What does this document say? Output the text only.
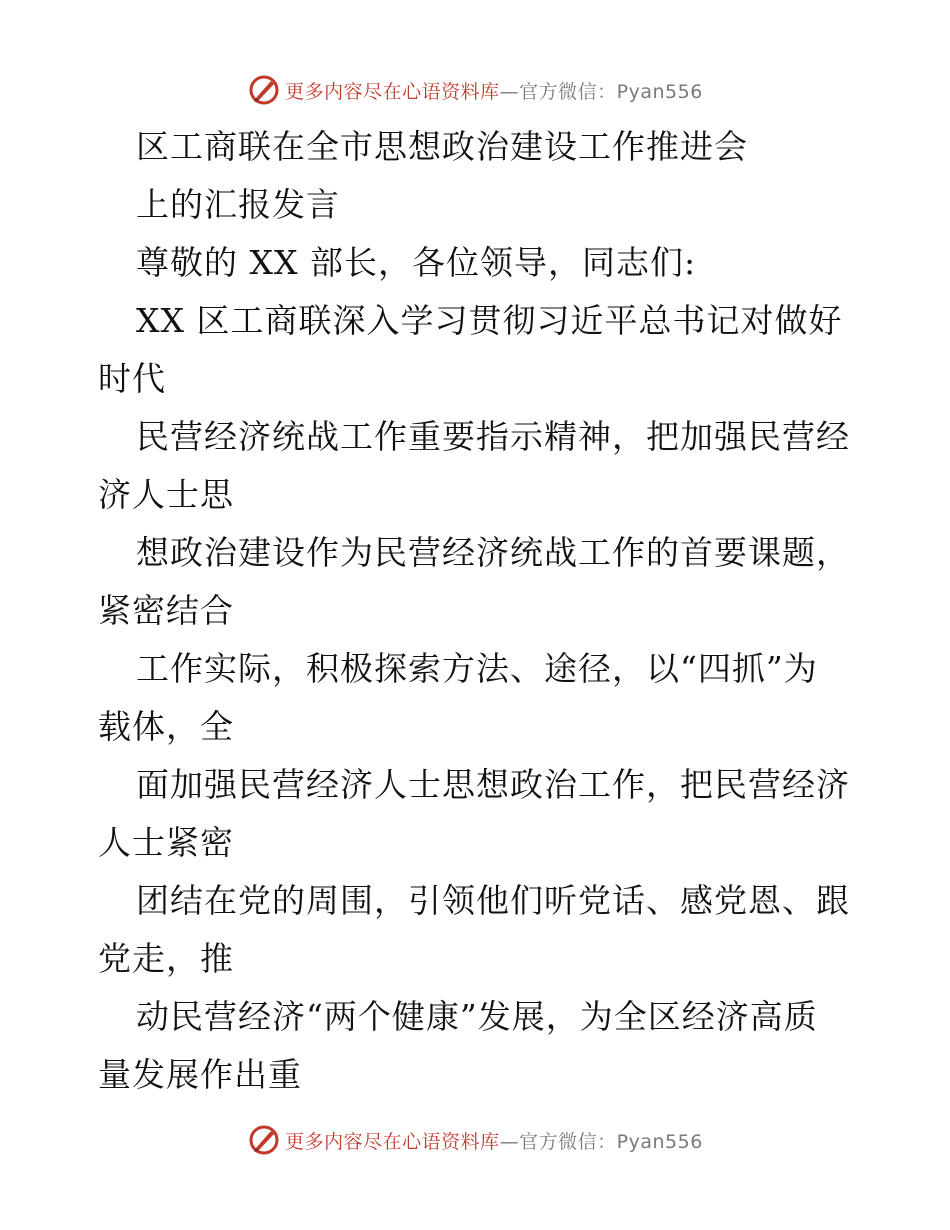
更多内容尽在心语资料库—官方微信：Pyan556
区工商联在全市思想政治建设工作推进会
上的汇报发言
尊敬的 XX 部长，各位领导，同志们:
XX 区工商联深入学习贯彻习近平总书记对做好
时代
民营经济统战工作重要指示精神，把加强民营经
济人士思
想政治建设作为民营经济统战工作的首要课题，
紧密结合
工作实际，积极探索方法、途径，以“四抓”为
载体，全
面加强民营经济人士思想政治工作，把民营经济
人士紧密
团结在党的周围，引领他们听党话、感党恩、跟
党走，推
动民营经济“两个健康”发展，为全区经济高质
量发展作出重
更多内容尽在心语资料库—官方微信：Pyan556
